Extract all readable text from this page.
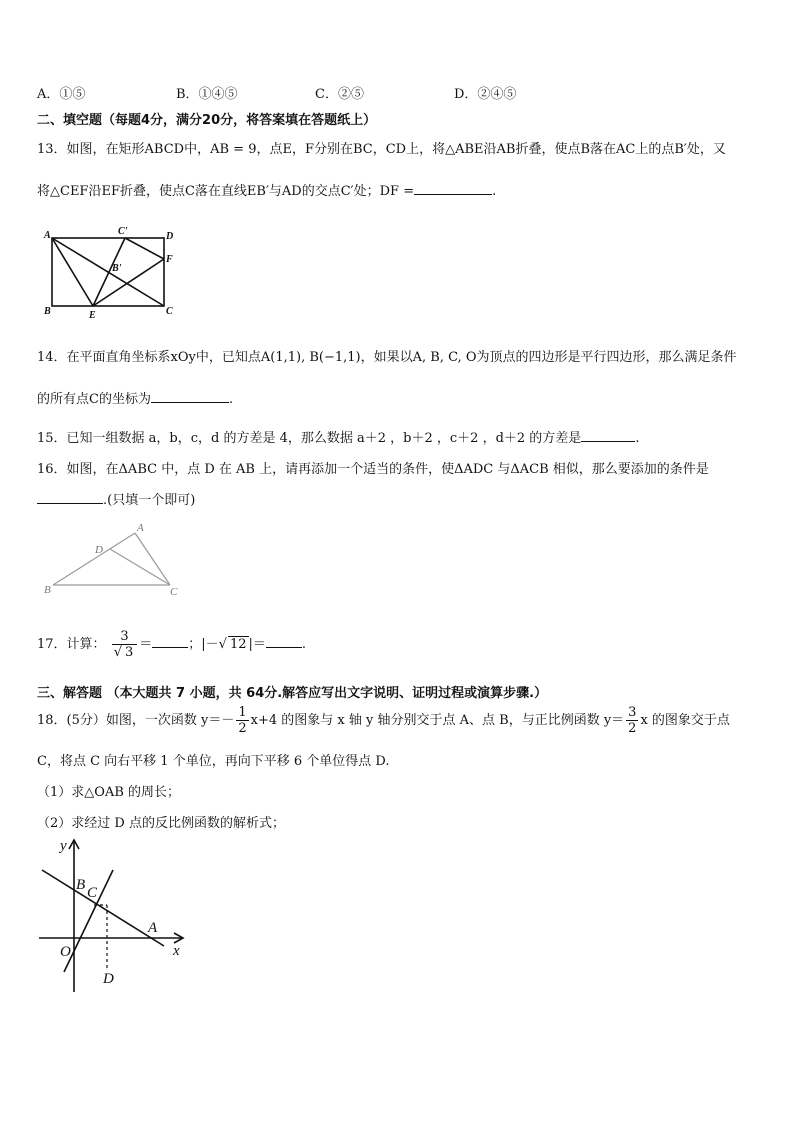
A．①⑤	B．①④⑤	C．②⑤	D．②④⑤
二、填空题（每题4分，满分20分，将答案填在答题纸上）
13．如图，在矩形ABCD中，AB = 9，点E，F分别在BC，CD上，将△ABE沿AB折叠，使点B落在AC上的点B′处，又
将△CEF沿EF折叠，使点C落在直线EB′与AD的交点C′处；DF =	.
A	D
F
C
B	E
C'
B'
14．在平面直角坐标系xOy中，已知点A(1,1), B(−1,1)，如果以A, B, C, O为顶点的四边形是平行四边形，那么满足条件
的所有点C的坐标为	.
15．已知一组数据 a，b，c，d 的方差是 4，那么数据 a＋2 ，b＋2 ，c＋2 ，d＋2 的方差是	.
16．如图，在ΔABC 中，点 D 在 AB 上，请再添加一个适当的条件，使ΔADC 与ΔACB 相似，那么要添加的条件是
.(只填一个即可)
A
D
B	C
17．计算： $\frac{3}{√ 3}$ ＝	；|－√ 12 |＝	.
三、解答题 （本大题共 7 小题，共 64分.解答应写出文字说明、证明过程或演算步骤.）
18．(5分）如图，一次函数 $y=- \frac{1}{2} x+4$ 的图象与 x 轴 y 轴分别交于点 A、点 B，与正比例函数 $y= \frac{3}{2}$ x 的图象交于点
C，将点 C 向右平移 1 个单位，再向下平移 6 个单位得点 D.
（1）求△OAB 的周长；
（2）求经过 D 点的反比例函数的解析式；
y
x
O
A
B C
D
